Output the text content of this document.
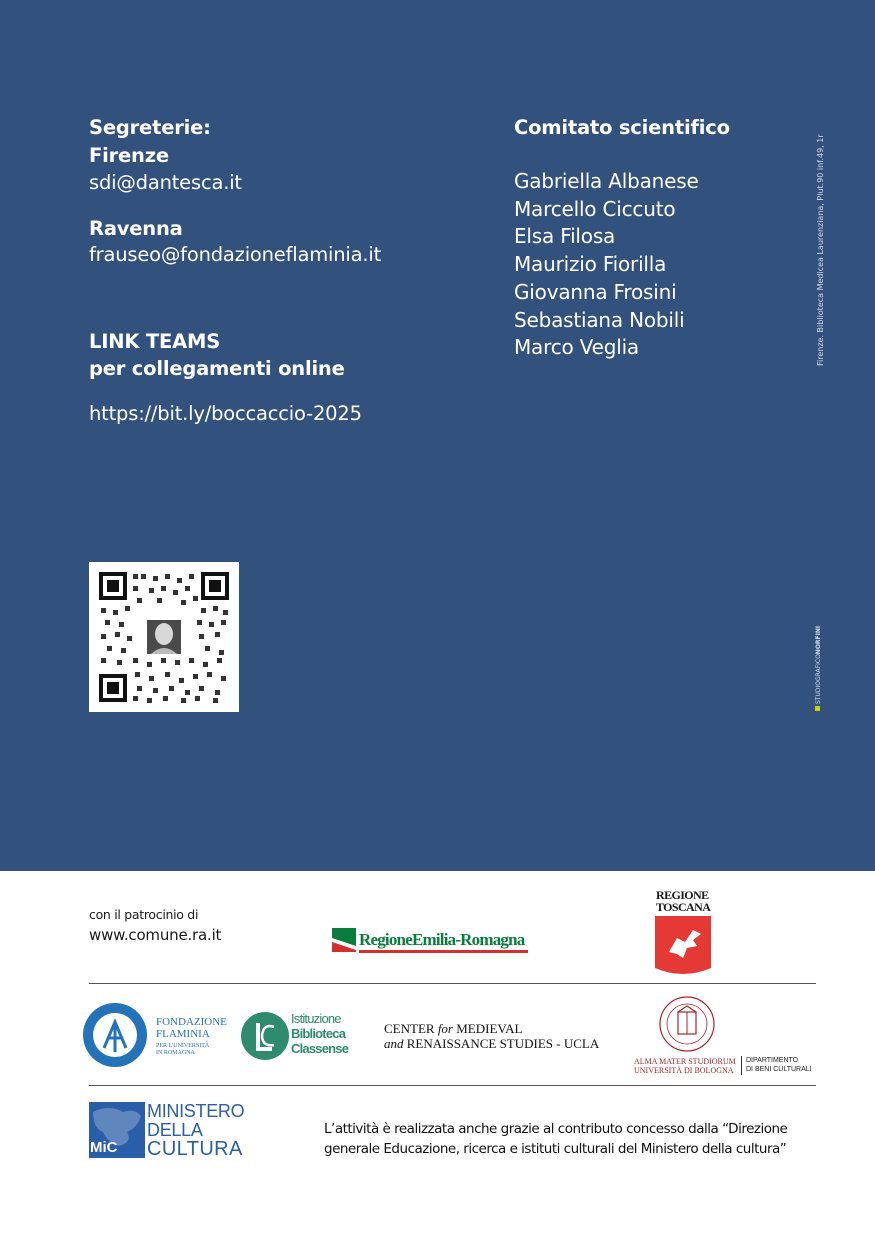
Segreterie:
Firenze
sdi@dantesca.it
Ravenna
frauseo@fondazioneflaminia.it
LINK TEAMS
per collegamenti online
https://bit.ly/boccaccio-2025
Comitato scientifico
Gabriella Albanese
Marcello Ciccuto
Elsa Filosa
Maurizio Fiorilla
Giovanna Frosini
Sebastiana Nobili
Marco Veglia	Firenze. Biblioteca Medicea Laurenziana, Plut.90 inf.49, 1r
STUDIOGRAFICONORFINI
con il patrocinio di
www.comune.ra.it	RegioneEmilia-Romagna
REGIONE
TOSCANA
FONDAZIONE
FLAMINIA
PER L'UNIVERSITÀ
IN ROMAGNA
Istituzione
Biblioteca
Classense
CENTER for MEDIEVAL
and RENAISSANCE STUDIES - UCLA
ALMA MATER STUDIORUM
UNIVERSITÀ DI BOLOGNA
DIPARTIMENTO
DI BENI CULTURALI
MiC
MINISTERO
DELLA
CULTURA
L’attività è realizzata anche grazie al contributo concesso dalla “Direzione
generale Educazione, ricerca e istituti culturali del Ministero della cultura”
